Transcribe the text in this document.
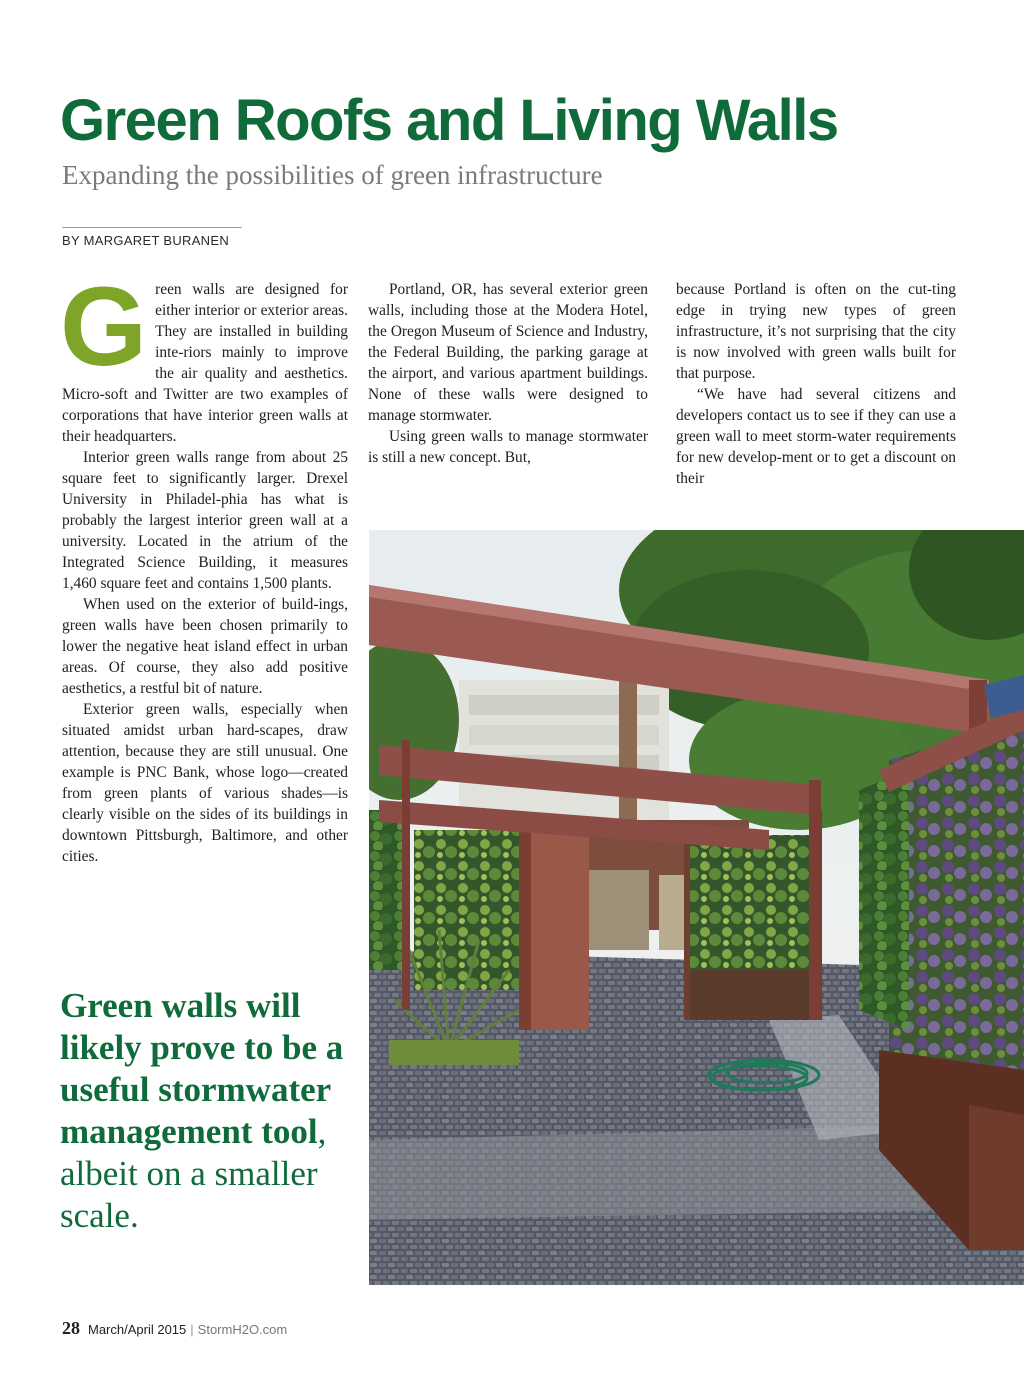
Green Roofs and Living Walls
Expanding the possibilities of green infrastructure
BY MARGARET BURANEN

Green walls are designed for either interior or exterior areas. They are installed in building inte-riors mainly to improve the air quality and aesthetics. Micro-soft and Twitter are two examples of corporations that have interior green walls at their headquarters.

Interior green walls range from about 25 square feet to significantly larger. Drexel University in Philadel-phia has what is probably the largest interior green wall at a university. Located in the atrium of the Integrated Science Building, it measures 1,460 square feet and contains 1,500 plants.

When used on the exterior of build-ings, green walls have been chosen primarily to lower the negative heat island effect in urban areas. Of course, they also add positive aesthetics, a restful bit of nature.

Exterior green walls, especially when situated amidst urban hard-scapes, draw attention, because they are still unusual. One example is PNC Bank, whose logo—created from green plants of various shades—is clearly visible on the sides of its buildings in downtown Pittsburgh, Baltimore, and other cities.

Portland, OR, has several exterior green walls, including those at the Modera Hotel, the Oregon Museum of Science and Industry, the Federal Building, the parking garage at the airport, and various apartment buildings. None of these walls were designed to manage stormwater.

Using green walls to manage stormwater is still a new concept. But,

because Portland is often on the cut-ting edge in trying new types of green infrastructure, it’s not surprising that the city is now involved with green walls built for that purpose.

“We have had several citizens and developers contact us to see if they can use a green wall to meet storm-water requirements for new develop-ment or to get a discount on their

Green walls will likely prove to be a useful stormwater management tool, albeit on a smaller scale.

28 March/April 2015 | StormH2O.com
